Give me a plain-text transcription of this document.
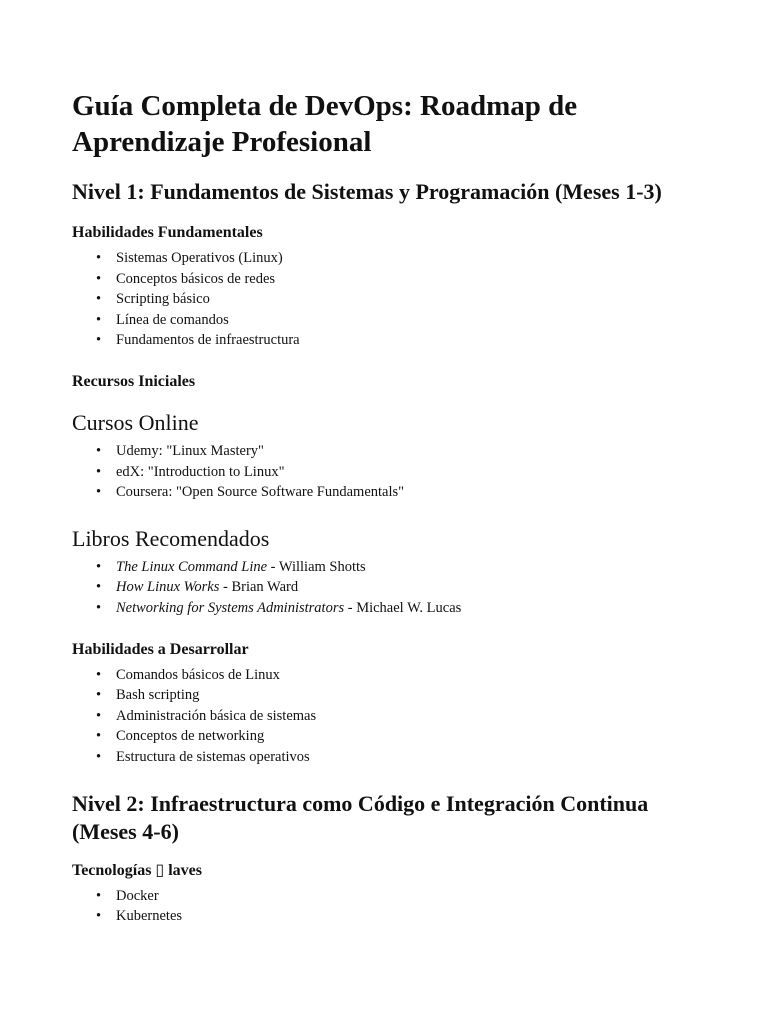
Guía Completa de DevOps: Roadmap de Aprendizaje Profesional
Nivel 1: Fundamentos de Sistemas y Programación (Meses 1-3)
Habilidades Fundamentales
• Sistemas Operativos (Linux)
• Conceptos básicos de redes
• Scripting básico
• Línea de comandos
• Fundamentos de infraestructura
Recursos Iniciales
Cursos Online
• Udemy: "Linux Mastery"
• edX: "Introduction to Linux"
• Coursera: "Open Source Software Fundamentals"
Libros Recomendados
• The Linux Command Line - William Shotts
• How Linux Works - Brian Ward
• Networking for Systems Administrators - Michael W. Lucas
Habilidades a Desarrollar
• Comandos básicos de Linux
• Bash scripting
• Administración básica de sistemas
• Conceptos de networking
• Estructura de sistemas operativos
Nivel 2: Infraestructura como Código e Integración Continua (Meses 4-6)
Tecnologías ▯ laves
• Docker
• Kubernetes
